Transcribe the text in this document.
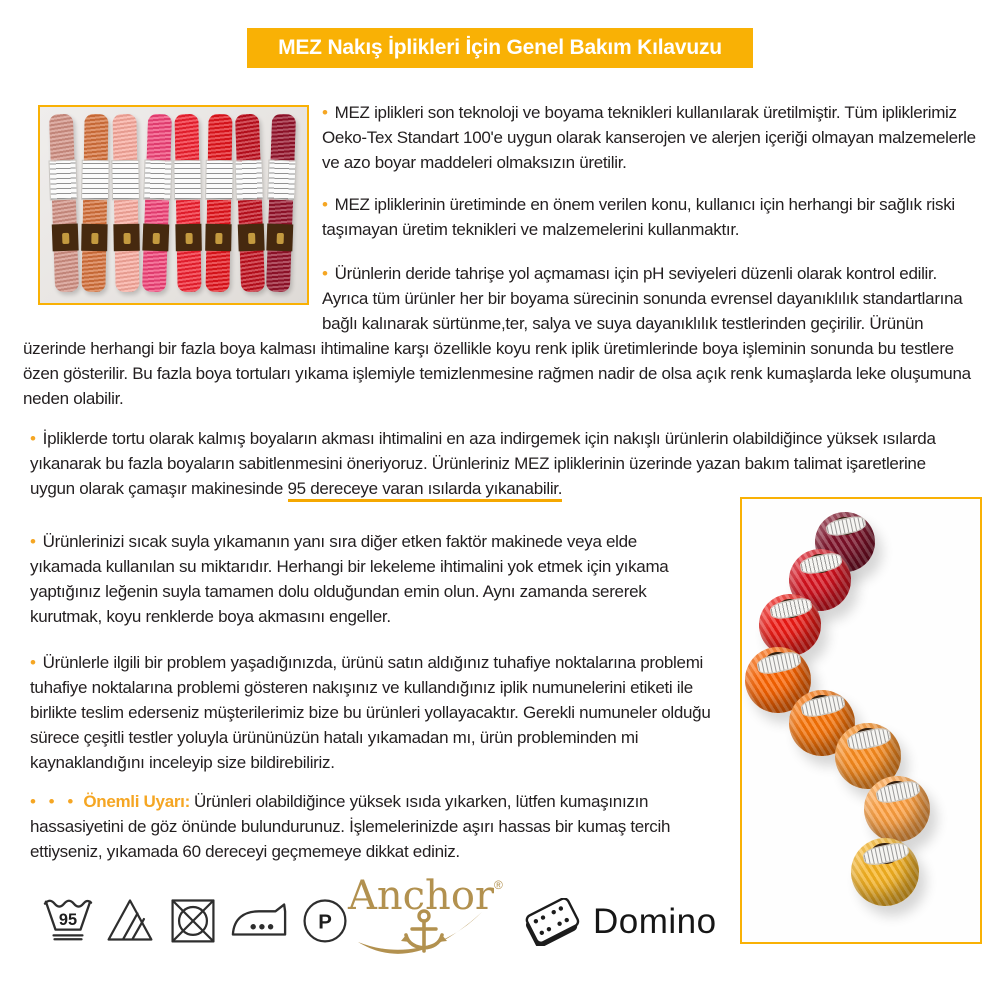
MEZ Nakış İplikleri İçin Genel Bakım Kılavuzu
• MEZ iplikleri son teknoloji ve boyama teknikleri kullanılarak üretilmiştir. Tüm ipliklerimiz Oeko-Tex Standart 100'e uygun olarak kanserojen ve alerjen içeriği olmayan malzemelerle ve azo boyar maddeleri olmaksızın üretilir.
• MEZ ipliklerinin üretiminde en önem verilen konu, kullanıcı için herhangi bir sağlık riski taşımayan üretim teknikleri ve malzemelerini kullanmaktır.
• Ürünlerin deride tahrişe yol açmaması için pH seviyeleri düzenli olarak kontrol edilir. Ayrıca tüm ürünler her bir boyama sürecinin sonunda evrensel dayanıklılık standartlarına bağlı kalınarak sürtünme,ter, salya ve suya dayanıklılık testlerinden geçirilir. Ürünün
üzerinde herhangi bir fazla boya kalması ihtimaline karşı özellikle koyu renk iplik üretimlerinde boya işleminin sonunda bu testlere özen gösterilir. Bu fazla boya tortuları yıkama işlemiyle temizlenmesine rağmen nadir de olsa açık renk kumaşlarda leke oluşumuna neden olabilir.
• İpliklerde tortu olarak kalmış boyaların akması ihtimalini en aza indirgemek için nakışlı ürünlerin olabildiğince yüksek ısılarda yıkanarak bu fazla boyaların sabitlenmesini öneriyoruz. Ürünleriniz MEZ ipliklerinin üzerinde yazan bakım talimat işaretlerine uygun olarak çamaşır makinesinde 95 dereceye varan ısılarda yıkanabilir.
• Ürünlerinizi sıcak suyla yıkamanın yanı sıra diğer etken faktör makinede veya elde yıkamada kullanılan su miktarıdır. Herhangi bir lekeleme ihtimalini yok etmek için yıkama yaptığınız leğenin suyla tamamen dolu olduğundan emin olun. Aynı zamanda sererek kurutmak, koyu renklerde boya akmasını engeller.
• Ürünlerle ilgili bir problem yaşadığınızda, ürünü satın aldığınız tuhafiye noktalarına problemi tuhafiye noktalarına problemi gösteren nakışınız ve kullandığınız iplik numunelerini etiketi ile birlikte teslim ederseniz müşterilerimiz bize bu ürünleri yollayacaktır. Gerekli numuneler olduğu sürece çeşitli testler yoluyla ürününüzün hatalı yıkamadan mı, ürün probleminden mi kaynaklandığını inceleyip size bildirebiliriz.
• • • Önemli Uyarı: Ürünleri olabildiğince yüksek ısıda yıkarken, lütfen kumaşınızın hassasiyetini de göz önünde bulundurunuz. İşlemelerinizde aşırı hassas bir kumaş tercih ettiyseniz, yıkamada 60 dereceyi geçmemeye dikkat ediniz.
95	P
Anchor®
Domino
